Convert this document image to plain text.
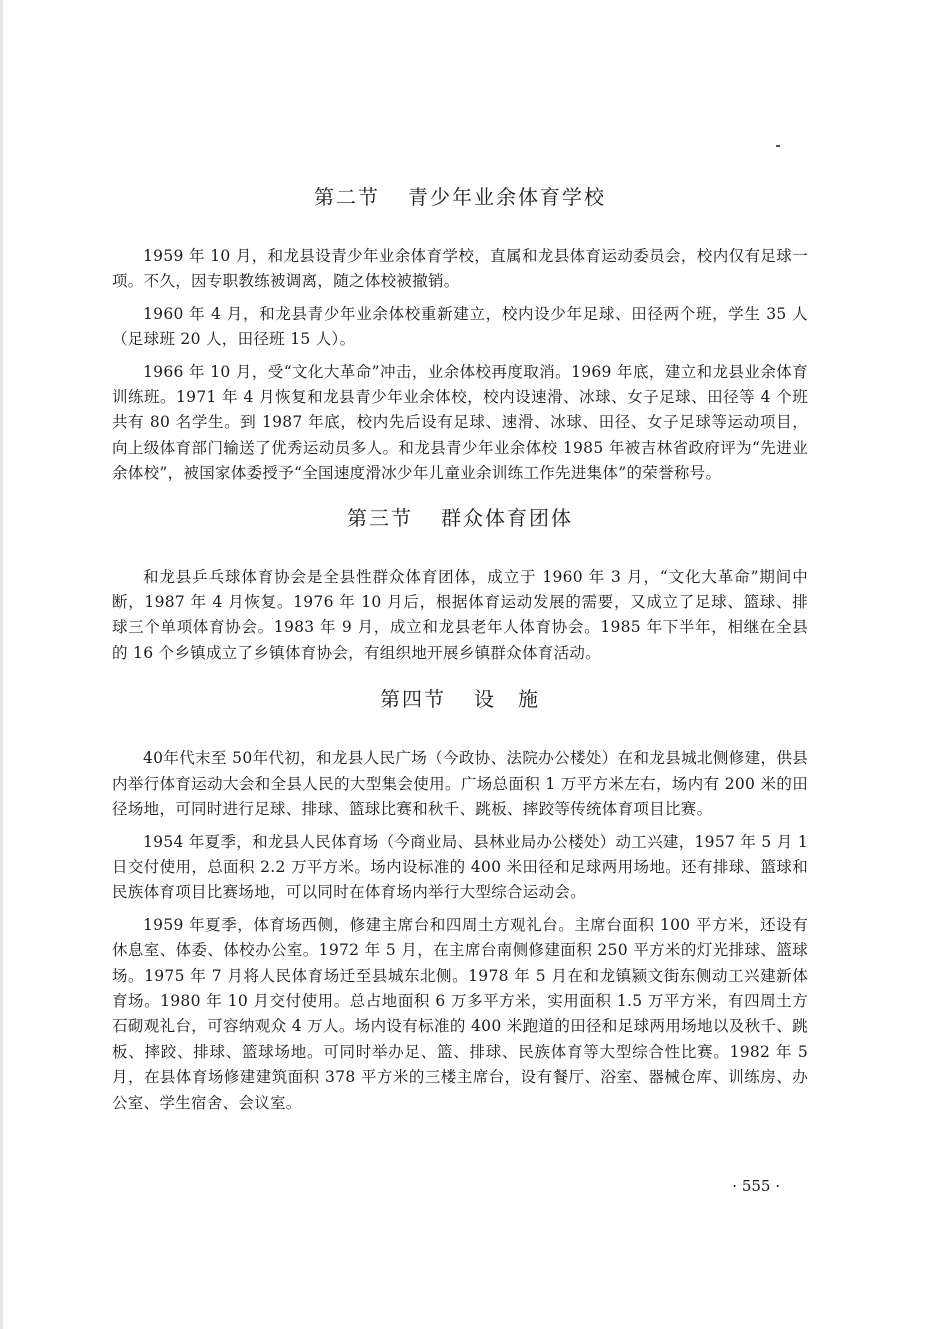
第二节 青少年业余体育学校

1959 年 10 月，和龙县设青少年业余体育学校，直属和龙县体育运动委员会，校内仅有足球一项。不久，因专职教练被调离，随之体校被撤销。

1960 年 4 月，和龙县青少年业余体校重新建立，校内设少年足球、田径两个班，学生 35 人（足球班 20 人，田径班 15 人）。

1966 年 10 月，受“文化大革命”冲击，业余体校再度取消。1969 年底，建立和龙县业余体育训练班。1971 年 4 月恢复和龙县青少年业余体校，校内设速滑、冰球、女子足球、田径等 4 个班共有 80 名学生。到 1987 年底，校内先后设有足球、速滑、冰球、田径、女子足球等运动项目，向上级体育部门输送了优秀运动员多人。和龙县青少年业余体校 1985 年被吉林省政府评为“先进业余体校”，被国家体委授予“全国速度滑冰少年儿童业余训练工作先进集体”的荣誉称号。

第三节 群众体育团体

和龙县乒乓球体育协会是全县性群众体育团体，成立于 1960 年 3 月，“文化大革命”期间中断，1987 年 4 月恢复。1976 年 10 月后，根据体育运动发展的需要，又成立了足球、篮球、排球三个单项体育协会。1983 年 9 月，成立和龙县老年人体育协会。1985 年下半年，相继在全县的 16 个乡镇成立了乡镇体育协会，有组织地开展乡镇群众体育活动。

第四节 设　施

40年代末至 50年代初，和龙县人民广场（今政协、法院办公楼处）在和龙县城北侧修建，供县内举行体育运动大会和全县人民的大型集会使用。广场总面积 1 万平方米左右，场内有 200 米的田径场地，可同时进行足球、排球、篮球比赛和秋千、跳板、摔跤等传统体育项目比赛。

1954 年夏季，和龙县人民体育场（今商业局、县林业局办公楼处）动工兴建，1957 年 5 月 1 日交付使用，总面积 2.2 万平方米。场内设标准的 400 米田径和足球两用场地。还有排球、篮球和民族体育项目比赛场地，可以同时在体育场内举行大型综合运动会。

1959 年夏季，体育场西侧，修建主席台和四周土方观礼台。主席台面积 100 平方米，还设有休息室、体委、体校办公室。1972 年 5 月，在主席台南侧修建面积 250 平方米的灯光排球、篮球场。1975 年 7 月将人民体育场迁至县城东北侧。1978 年 5 月在和龙镇颍文街东侧动工兴建新体育场。1980 年 10 月交付使用。总占地面积 6 万多平方米，实用面积 1.5 万平方米，有四周土方石砌观礼台，可容纳观众 4 万人。场内设有标准的 400 米跑道的田径和足球两用场地以及秋千、跳板、摔跤、排球、篮球场地。可同时举办足、篮、排球、民族体育等大型综合性比赛。1982 年 5 月，在县体育场修建建筑面积 378 平方米的三楼主席台，设有餐厅、浴室、器械仓库、训练房、办公室、学生宿舍、会议室。

· 555 ·
